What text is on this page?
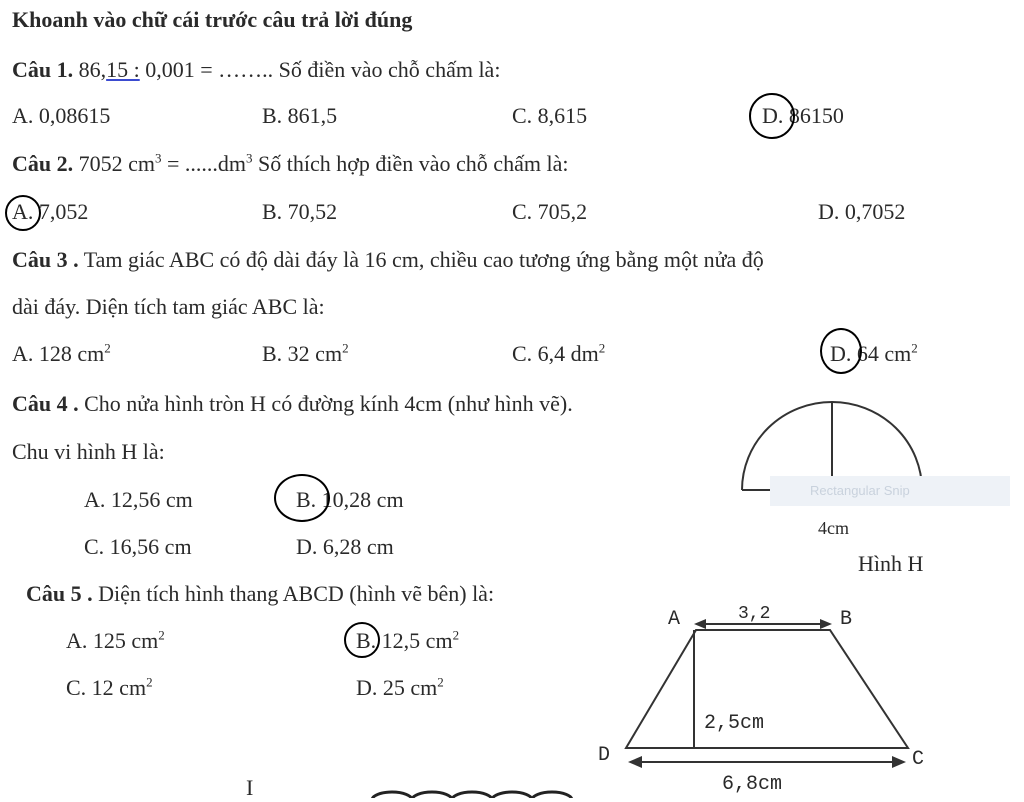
Khoanh vào chữ cái trước câu trả lời đúng
Câu 1. 86,15 : 0,001 = …….. Số điền vào chỗ chấm là:
A. 0,08615	B. 861,5	C. 8,615	D. 86150
Câu 2. 7052 $cm^3 = ......dm^3$ Số thích hợp điền vào chỗ chấm là:
A. 7,052	B. 70,52	C. 705,2	D. 0,7052
Câu 3 . Tam giác ABC có độ dài đáy là 16 cm, chiều cao tương ứng bằng một nửa độ
dài đáy. Diện tích tam giác ABC là:
A. 128 $cm^2$	B. 32 $cm^2$	C. 6,4 $dm^2$	D. 64 $cm^2$
Câu 4 . Cho nửa hình tròn H có đường kính 4cm (như hình vẽ).
Chu vi hình H là:
A. 12,56 cm	B. 10,28 cm
C. 16,56 cm	D. 6,28 cm
Câu 5 . Diện tích hình thang ABCD (hình vẽ bên) là:
A. 125 $cm^2$	B. 12,5 $cm^2$
C. 12 $cm^2$	D. 25 $cm^2$
Rectangular Snip
4cm
Hình H
A	B
C
D
3,2
2,5cm
6,8cm
I
